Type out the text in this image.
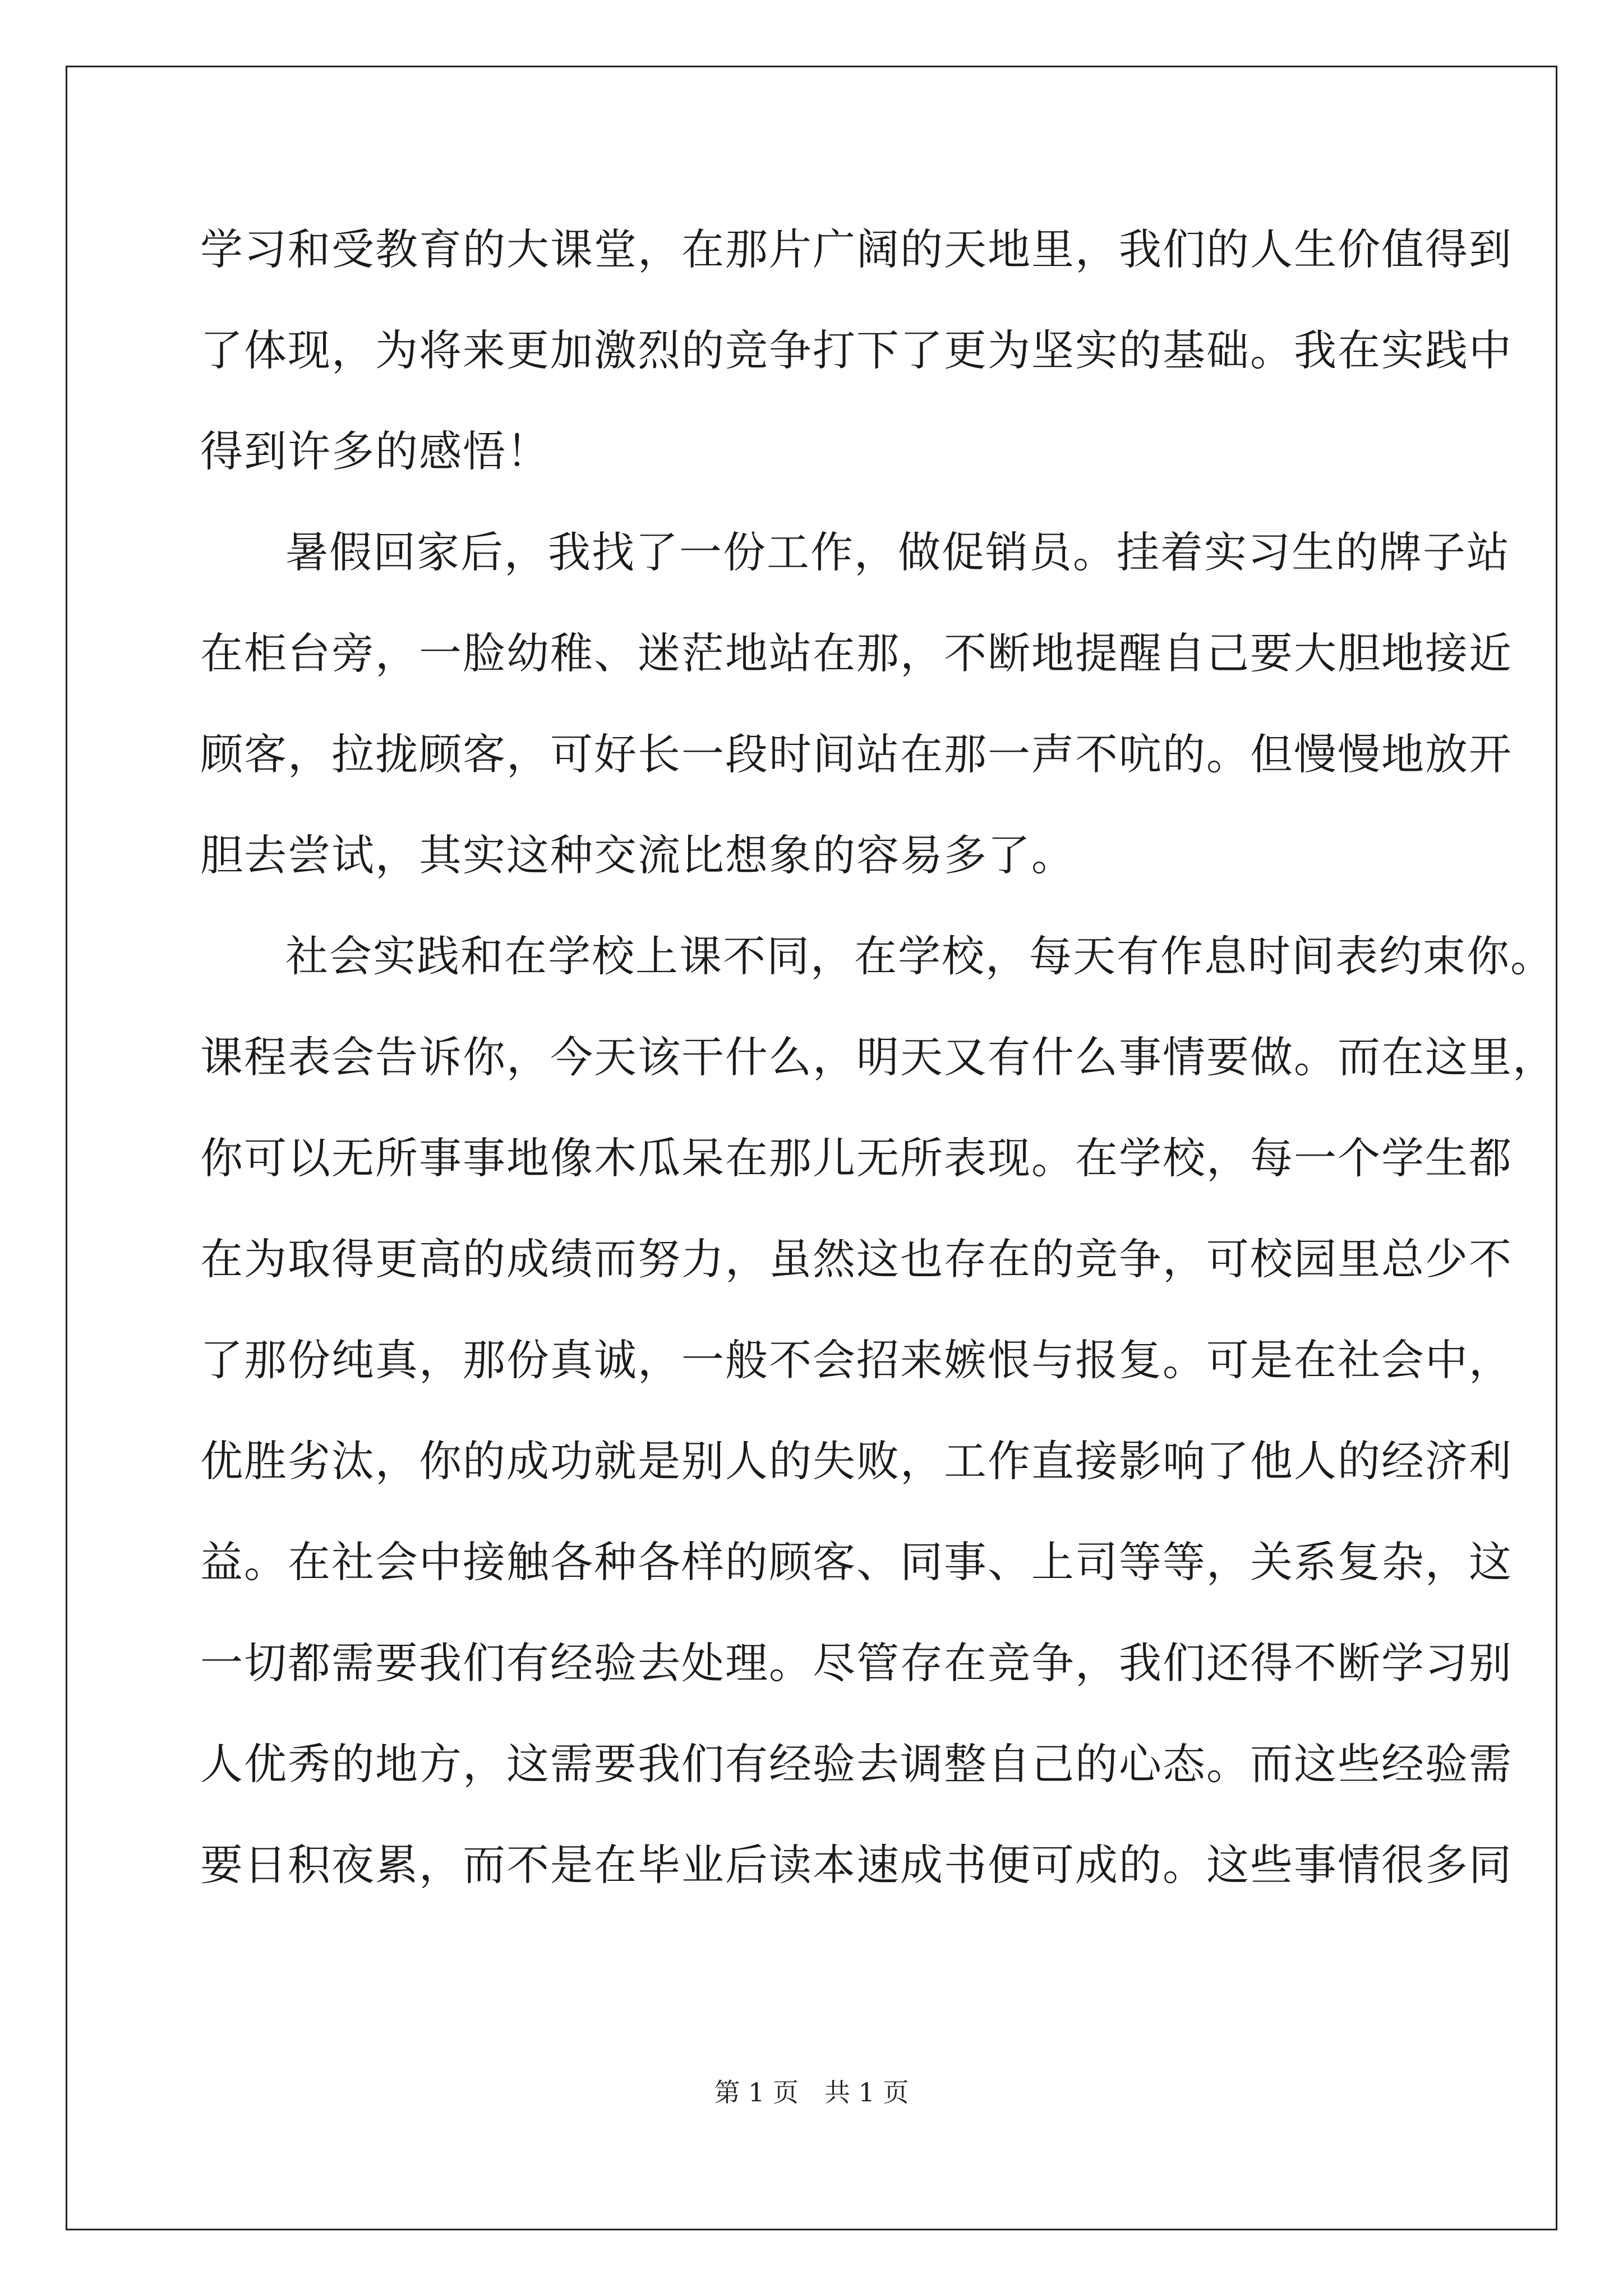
学习和受教育的大课堂，在那片广阔的天地里，我们的人生价值得到
了体现，为将来更加激烈的竞争打下了更为坚实的基础。我在实践中
得到许多的感悟！
暑假回家后，我找了一份工作，做促销员。挂着实习生的牌子站
在柜台旁，一脸幼稚、迷茫地站在那，不断地提醒自己要大胆地接近
顾客，拉拢顾客，可好长一段时间站在那一声不吭的。但慢慢地放开
胆去尝试，其实这种交流比想象的容易多了。
社会实践和在学校上课不同，在学校，每天有作息时间表约束你。
课程表会告诉你，今天该干什么，明天又有什么事情要做。而在这里，
你可以无所事事地像木瓜呆在那儿无所表现。在学校，每一个学生都
在为取得更高的成绩而努力，虽然这也存在的竞争，可校园里总少不
了那份纯真，那份真诚，一般不会招来嫉恨与报复。可是在社会中，
优胜劣汰，你的成功就是别人的失败，工作直接影响了他人的经济利
益。在社会中接触各种各样的顾客、同事、上司等等，关系复杂，这
一切都需要我们有经验去处理。尽管存在竞争，我们还得不断学习别
人优秀的地方，这需要我们有经验去调整自己的心态。而这些经验需
要日积夜累，而不是在毕业后读本速成书便可成的。这些事情很多同
第 1 页　共 1 页
